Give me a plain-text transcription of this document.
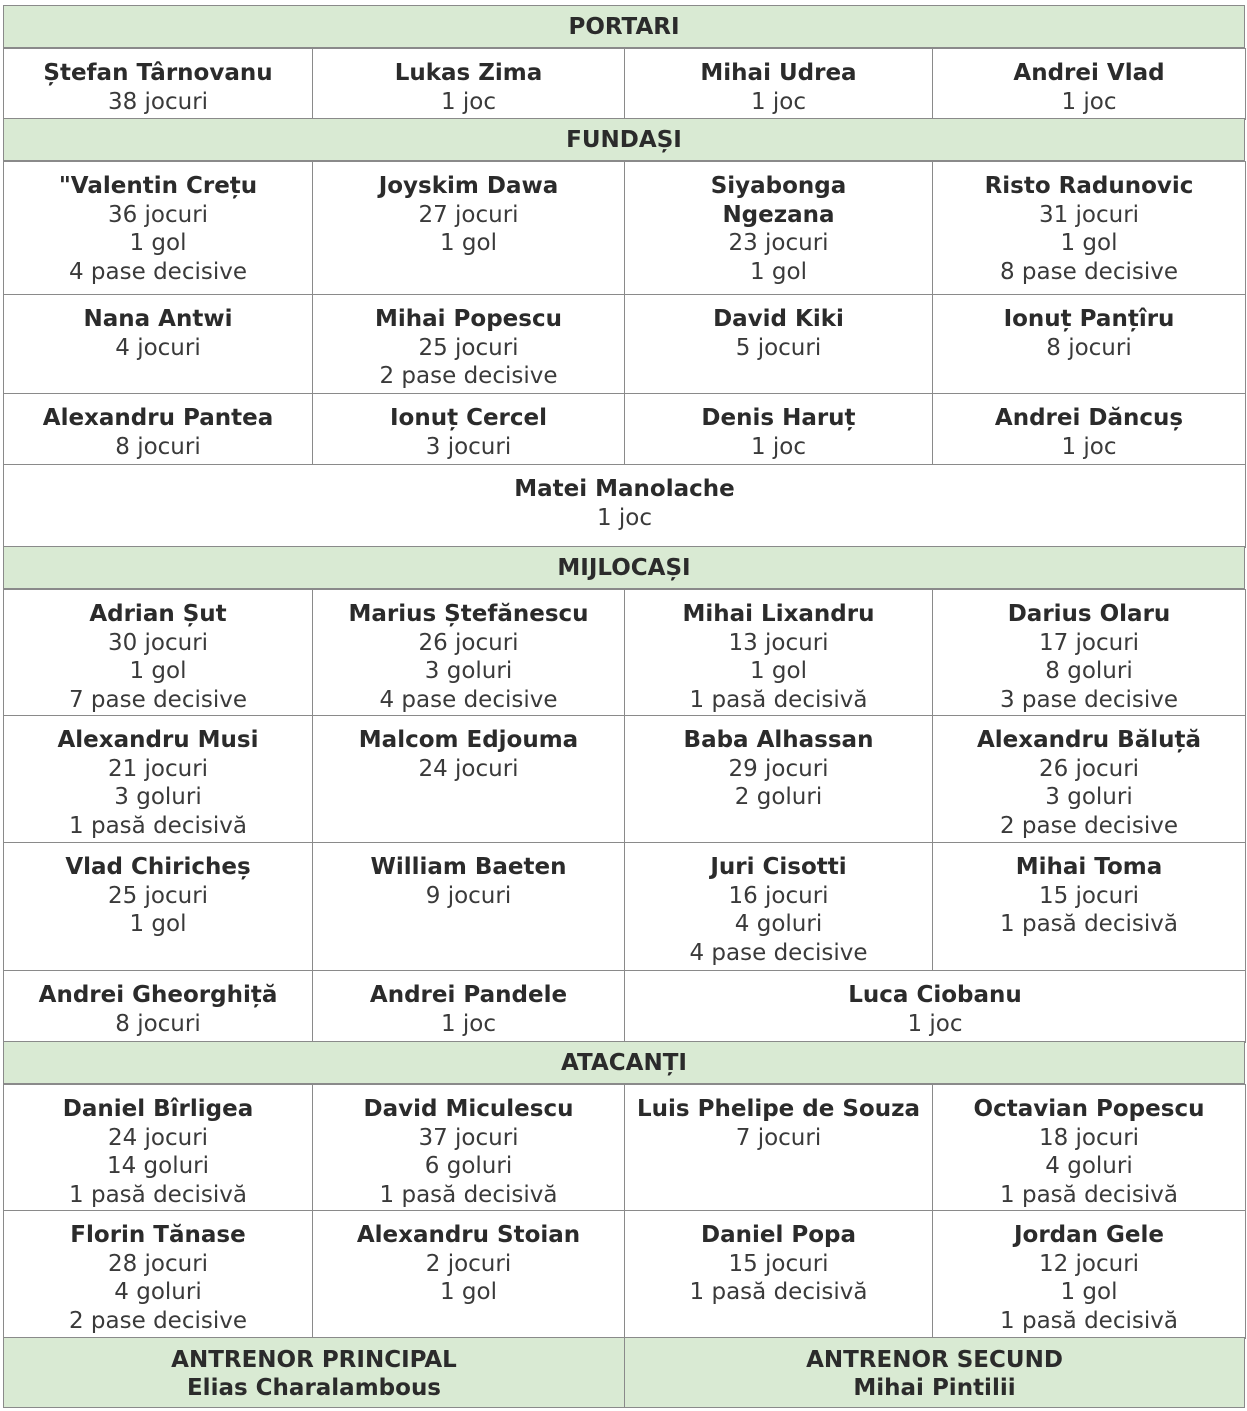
PORTARI
Ștefan Târnovanu
38 jocuri
Lukas Zima
1 joc
Mihai Udrea
1 joc
Andrei Vlad
1 joc
FUNDAȘI
"Valentin Crețu
36 jocuri
1 gol
4 pase decisive
Joyskim Dawa
27 jocuri
1 gol
Siyabonga Ngezana
23 jocuri
1 gol
Risto Radunovic
31 jocuri
1 gol
8 pase decisive
Nana Antwi
4 jocuri
Mihai Popescu
25 jocuri
2 pase decisive
David Kiki
5 jocuri
Ionuț Panțîru
8 jocuri
Alexandru Pantea
8 jocuri
Ionuț Cercel
3 jocuri
Denis Haruț
1 joc
Andrei Dăncuș
1 joc
Matei Manolache
1 joc
MIJLOCAȘI
Adrian Șut
30 jocuri
1 gol
7 pase decisive
Marius Ștefănescu
26 jocuri
3 goluri
4 pase decisive
Mihai Lixandru
13 jocuri
1 gol
1 pasă decisivă
Darius Olaru
17 jocuri
8 goluri
3 pase decisive
Alexandru Musi
21 jocuri
3 goluri
1 pasă decisivă
Malcom Edjouma
24 jocuri
Baba Alhassan
29 jocuri
2 goluri
Alexandru Băluță
26 jocuri
3 goluri
2 pase decisive
Vlad Chiricheș
25 jocuri
1 gol
William Baeten
9 jocuri
Juri Cisotti
16 jocuri
4 goluri
4 pase decisive
Mihai Toma
15 jocuri
1 pasă decisivă
Andrei Gheorghiță
8 jocuri
Andrei Pandele
1 joc
Luca Ciobanu
1 joc
ATACANȚI
Daniel Bîrligea
24 jocuri
14 goluri
1 pasă decisivă
David Miculescu
37 jocuri
6 goluri
1 pasă decisivă
Luis Phelipe de Souza
7 jocuri
Octavian Popescu
18 jocuri
4 goluri
1 pasă decisivă
Florin Tănase
28 jocuri
4 goluri
2 pase decisive
Alexandru Stoian
2 jocuri
1 gol
Daniel Popa
15 jocuri
1 pasă decisivă
Jordan Gele
12 jocuri
1 gol
1 pasă decisivă
ANTRENOR PRINCIPAL
Elias Charalambous
ANTRENOR SECUND
Mihai Pintilii
